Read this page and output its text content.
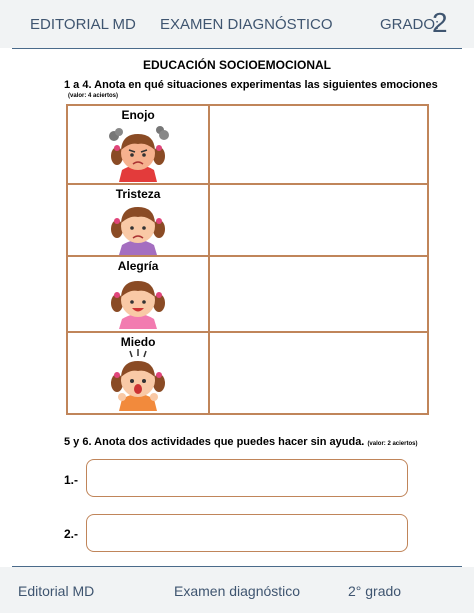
EDITORIAL MD EXAMEN DIAGNÓSTICO	GRADO:
2
EDUCACIÓN SOCIOEMOCIONAL
1 a 4. Anota en qué situaciones experimentas las siguientes emociones
(valor: 4 aciertos)
Enojo	

Tristeza	

Alegría	

Miedo	

5 y 6. Anota dos actividades que puedes hacer sin ayuda. (valor: 2 aciertos)
1.-
2.-
Editorial MD	Examen diagnóstico	2° grado
